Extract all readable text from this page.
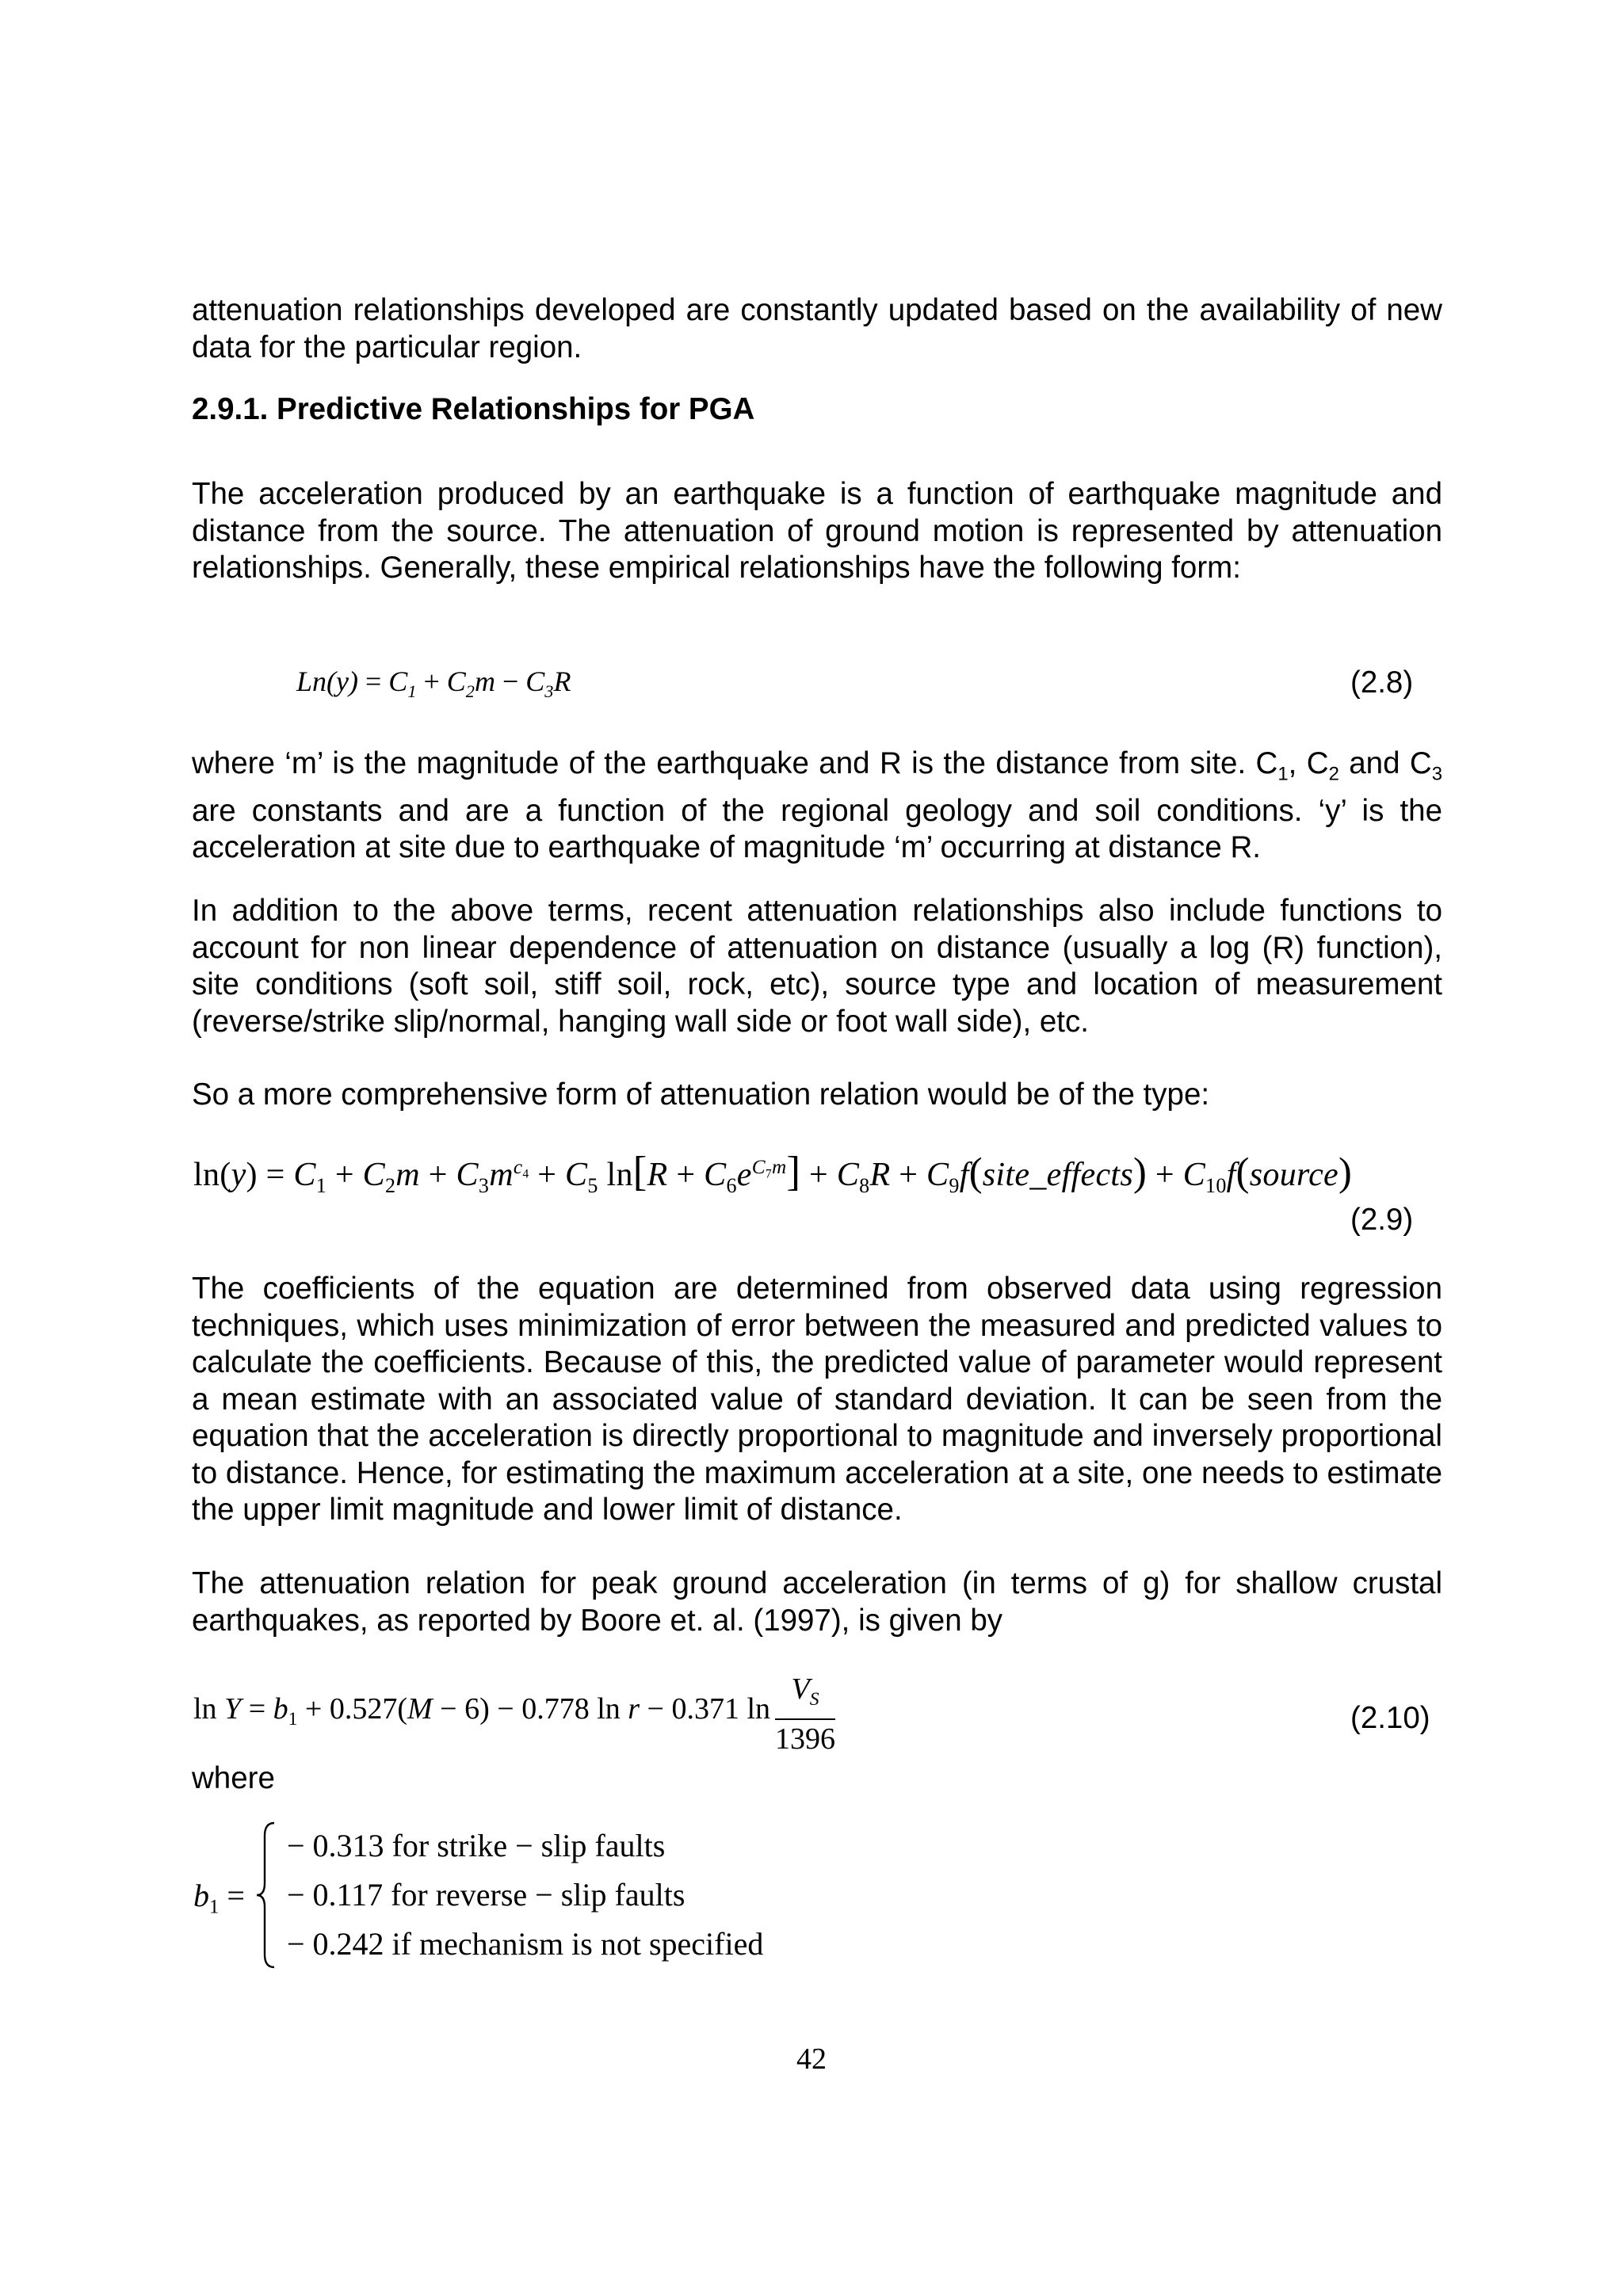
attenuation relationships developed are constantly updated based on the availability of new data for the particular region.

2.9.1. Predictive Relationships for PGA

The acceleration produced by an earthquake is a function of earthquake magnitude and distance from the source. The attenuation of ground motion is represented by attenuation relationships. Generally, these empirical relationships have the following form:

$Ln(y) = C_1 + C_2m - C_3R$	(2.8)

where ‘m’ is the magnitude of the earthquake and R is the distance from site. $C_1$, $C_2$ and $C_3$ are constants and are a function of the regional geology and soil conditions. ‘y’ is the acceleration at site due to earthquake of magnitude ‘m’ occurring at distance R.

In addition to the above terms, recent attenuation relationships also include functions to account for non linear dependence of attenuation on distance (usually a log (R) function), site conditions (soft soil, stiff soil, rock, etc), source type and location of measurement (reverse/strike slip/normal, hanging wall side or foot wall side), etc.

So a more comprehensive form of attenuation relation would be of the type:

$\ln(y) = C_1 + C_2m + C_3m^{c_4} + C_5$ $\ln[R + C_6e^{C_7m}] + C_8R$ + $C_9f(site\_effects)$ + $C_{10}f(source)$
(2.9)

The coefficients of the equation are determined from observed data using regression techniques, which uses minimization of error between the measured and predicted values to calculate the coefficients. Because of this, the predicted value of parameter would represent a mean estimate with an associated value of standard deviation. It can be seen from the equation that the acceleration is directly proportional to magnitude and inversely proportional to distance. Hence, for estimating the maximum acceleration at a site, one needs to estimate the upper limit magnitude and lower limit of distance.

The attenuation relation for peak ground acceleration (in terms of g) for shallow crustal earthquakes, as reported by Boore et. al. (1997), is given by

$\ln Y = b_1 + 0.527(M - 6) - 0.778$ ln r − 0.371 $\ln \frac{V_S}{1396}$	(2.10)
where
$b_1$ =
− 0.313 for strike − slip faults
− 0.117 for reverse − slip faults
− 0.242 if mechanism is not specified
42
